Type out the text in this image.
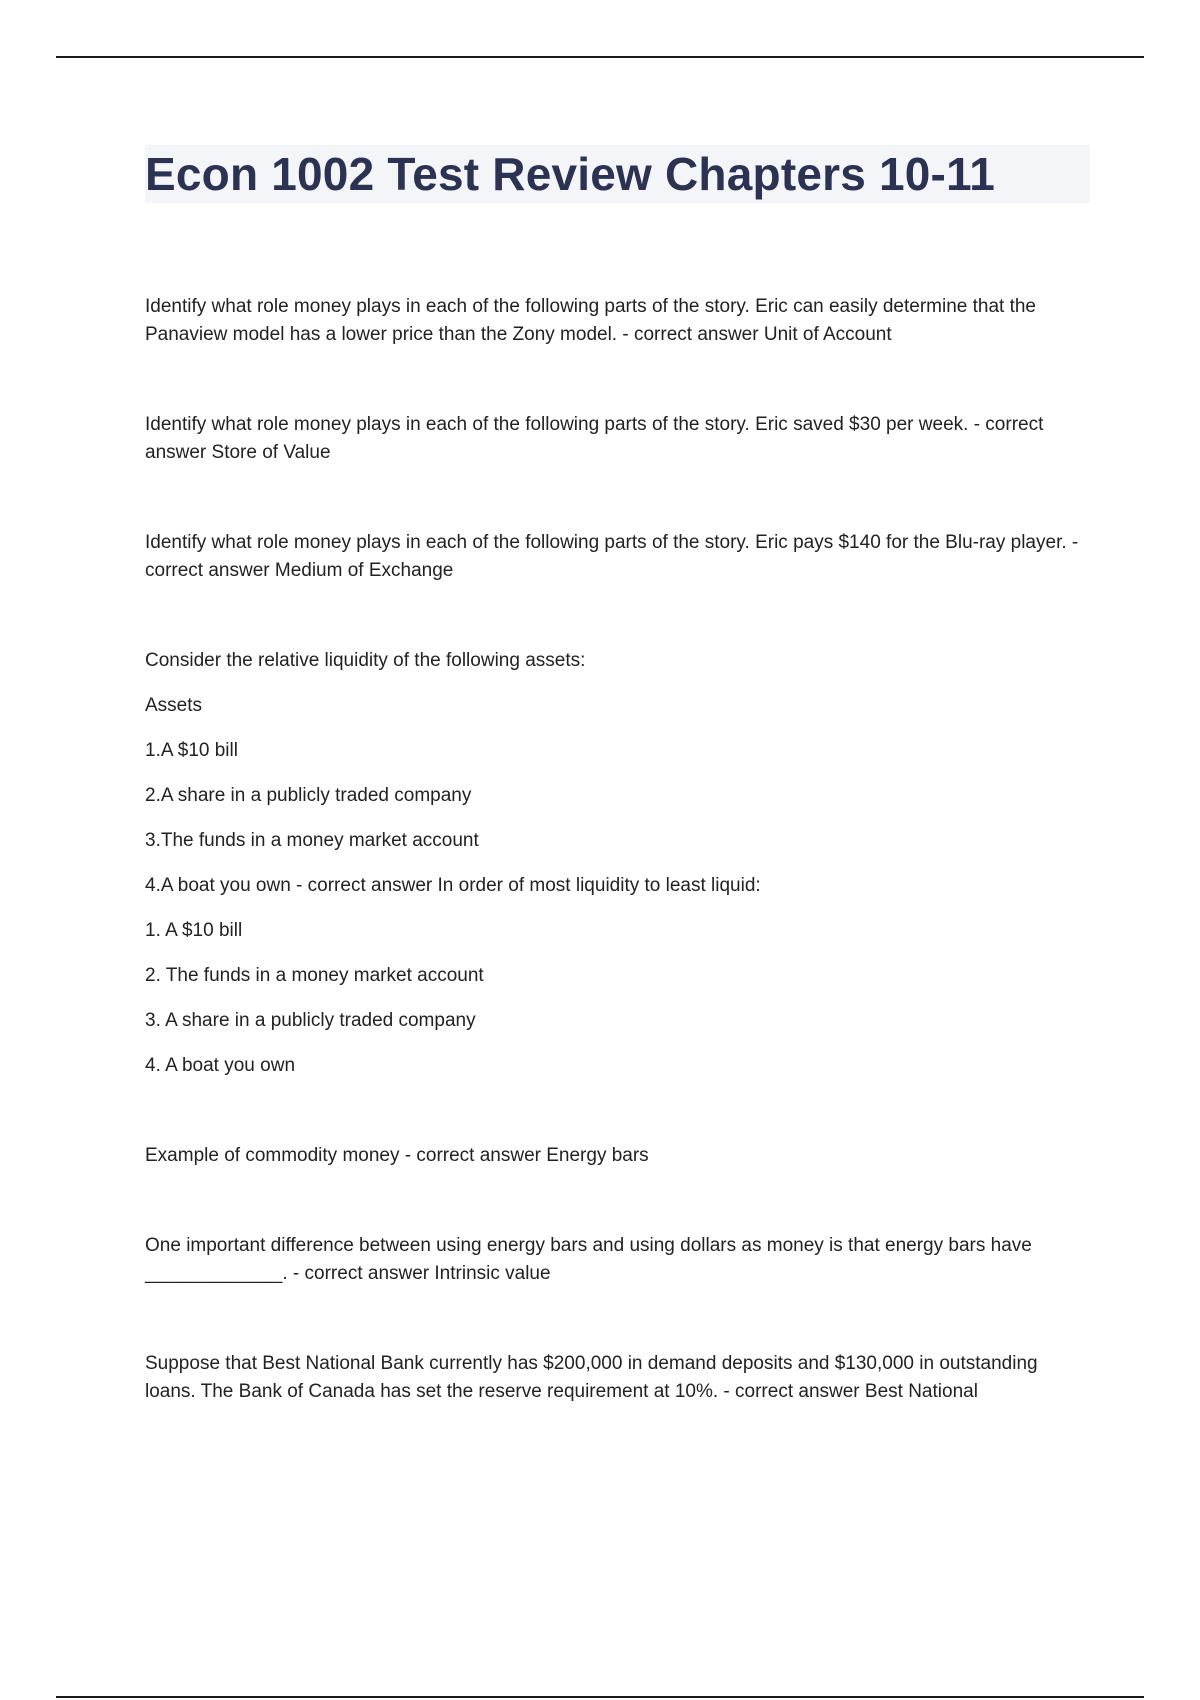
Econ 1002 Test Review Chapters 10-11

Identify what role money plays in each of the following parts of the story. Eric can easily determine that the Panaview model has a lower price than the Zony model. - correct answer Unit of Account

Identify what role money plays in each of the following parts of the story. Eric saved $30 per week. - correct answer Store of Value

Identify what role money plays in each of the following parts of the story. Eric pays $140 for the Blu-ray player. - correct answer Medium of Exchange

Consider the relative liquidity of the following assets:

Assets
1.A $10 bill
2.A share in a publicly traded company
3.The funds in a money market account
4.A boat you own - correct answer In order of most liquidity to least liquid:
1. A $10 bill
2. The funds in a money market account
3. A share in a publicly traded company
4. A boat you own

Example of commodity money - correct answer Energy bars

One important difference between using energy bars and using dollars as money is that energy bars have _____________. - correct answer Intrinsic value

Suppose that Best National Bank currently has $200,000 in demand deposits and $130,000 in outstanding loans. The Bank of Canada has set the reserve requirement at 10%. - correct answer Best National
